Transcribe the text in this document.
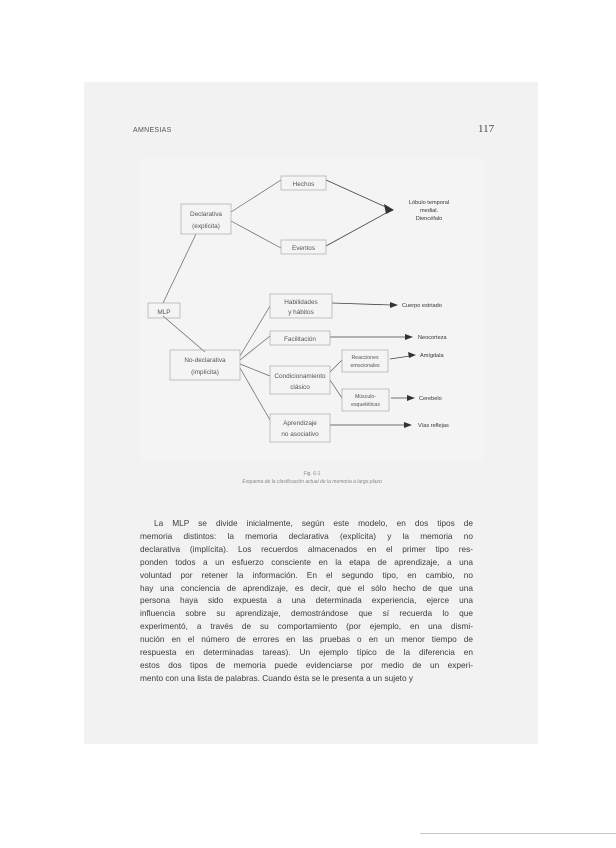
AMNESIAS	117
Hechos
Declarativa
(explícita)
Eventos
Lóbulo temporal
medial.
Diencéfalo
MLP
Habilidades
y hábitos
Cuerpo estriado
Facilitación	Neocorteza
No-declarativa
(implícita)
Reacciones
emocionales
Amígdala
Condicionamiento
clásico
Músculo-
esqueléticas
Cerebelo
Aprendizaje
no asociativo
Vías reflejas
Fig. 6-1
Esquema de la clasificación actual de la memoria a largo plazo
La MLP se divide inicialmente, según este modelo, en dos tipos de
memoria distintos: la memoria declarativa (explícita) y la memoria no
declarativa (implícita). Los recuerdos almacenados en el primer tipo res-
ponden todos a un esfuerzo consciente en la etapa de aprendizaje, a una
voluntad por retener la información. En el segundo tipo, en cambio, no
hay una conciencia de aprendizaje, es decir, que el sólo hecho de que una
persona haya sido expuesta a una determinada experiencia, ejerce una
influencia sobre su aprendizaje, demostrándose que sí recuerda lo que
experimentó, a través de su comportamiento (por ejemplo, en una dismi-
nución en el número de errores en las pruebas o en un menor tiempo de
respuesta en determinadas tareas). Un ejemplo típico de la diferencia en
estos dos tipos de memoria puede evidenciarse por medio de un experi-
mento con una lista de palabras. Cuando ésta se le presenta a un sujeto y
